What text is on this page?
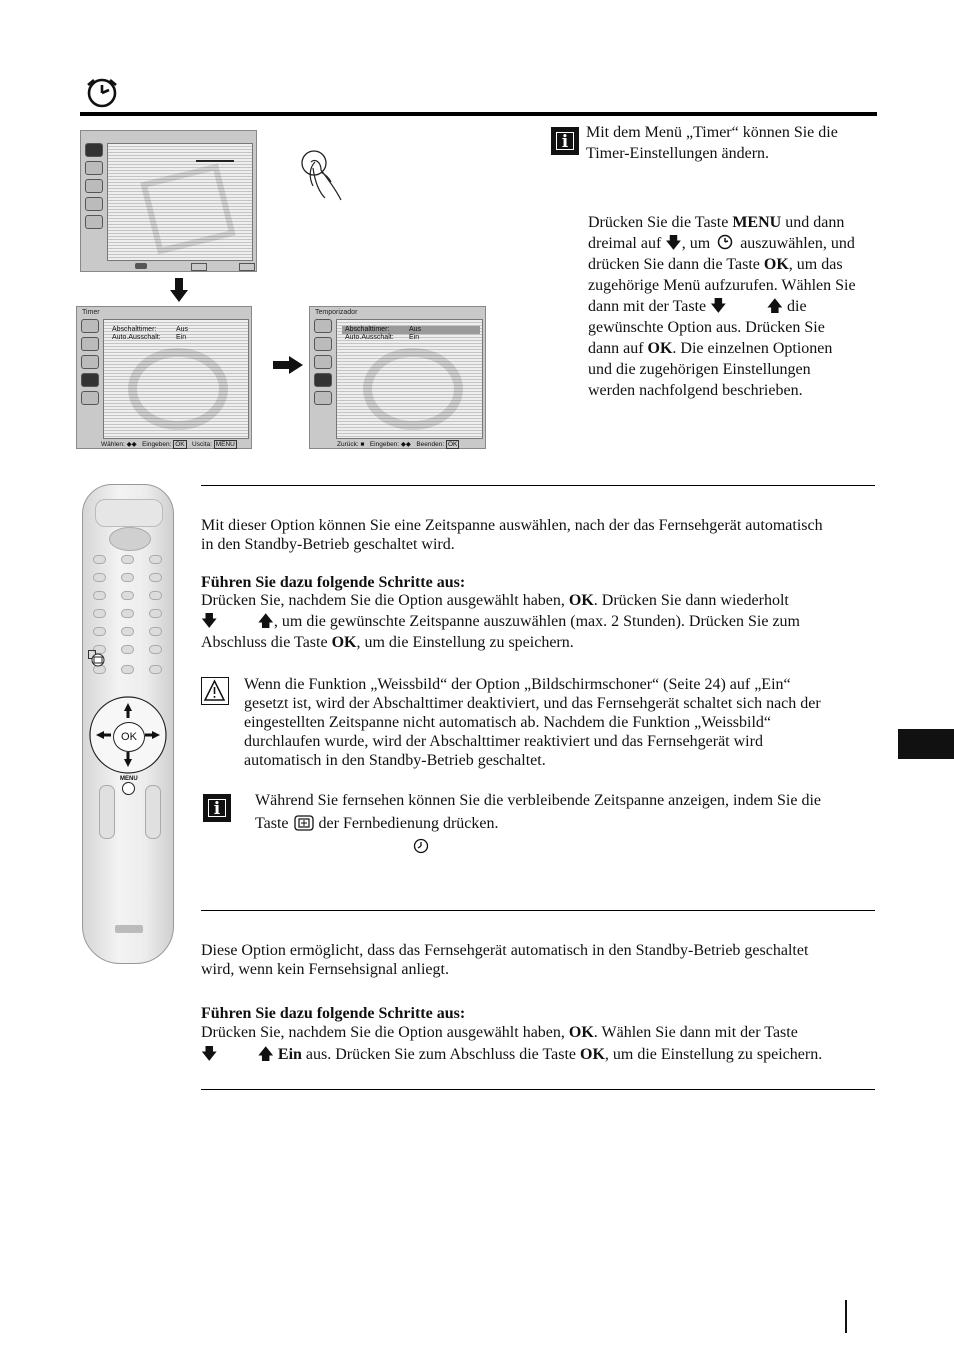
Timer
Abschalttimer:	Aus
Auto.Ausschalt: Ein
Wählen: ◆◆   Eingeben: OK Uscita: MENU
Temporizador
Abschalttimer:	Aus
Auto.Ausschalt: Ein
Zurück: ■   Eingeben: ◆◆   Beenden: OK
i	Mit dem Menü „Timer“ können Sie die
Timer-Einstellungen ändern.

Drücken Sie die Taste MENU und dann
dreimal auf 🡇, um  auszuwählen, und
drücken Sie dann die Taste OK, um das
zugehörige Menü aufzurufen. Wählen Sie
dann mit der Taste 🡇	🡅 die
gewünschte Option aus. Drücken Sie
dann auf OK. Die einzelnen Optionen
und die zugehörigen Einstellungen
werden nachfolgend beschrieben.
OK
MENU

Mit dieser Option können Sie eine Zeitspanne auswählen, nach der das Fernsehgerät automatisch
in den Standby-Betrieb geschaltet wird.

Führen Sie dazu folgende Schritte aus:

Drücken Sie, nachdem Sie die Option ausgewählt haben, OK. Drücken Sie dann wiederholt
🡇	🡅, um die gewünschte Zeitspanne auszuwählen (max. 2 Stunden). Drücken Sie zum
Abschluss die Taste OK, um die Einstellung zu speichern.
Wenn die Funktion „Weissbild“ der Option „Bildschirmschoner“ (Seite 24) auf „Ein“
gesetzt ist, wird der Abschalttimer deaktiviert, und das Fernsehgerät schaltet sich nach der
eingestellten Zeitspanne nicht automatisch ab. Nachdem die Funktion „Weissbild“
durchlaufen wurde, wird der Abschalttimer reaktiviert und das Fernsehgerät wird
automatisch in den Standby-Betrieb geschaltet.
i	Während Sie fernsehen können Sie die verbleibende Zeitspanne anzeigen, indem Sie die
Taste  der Fernbedienung drücken.

Diese Option ermöglicht, dass das Fernsehgerät automatisch in den Standby-Betrieb geschaltet
wird, wenn kein Fernsehsignal anliegt.

Führen Sie dazu folgende Schritte aus:

Drücken Sie, nachdem Sie die Option ausgewählt haben, OK. Wählen Sie dann mit der Taste
🡇	🡅 Ein aus. Drücken Sie zum Abschluss die Taste OK, um die Einstellung zu speichern.
